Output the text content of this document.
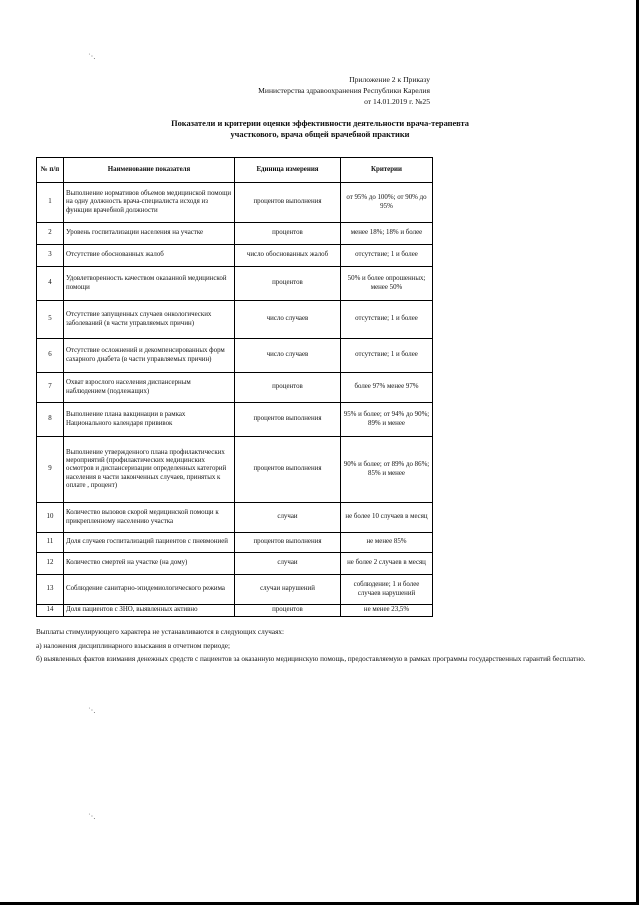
˙·.
˙·.
˙·.
Приложение 2 к Приказу
Министерства здравоохранения Республики Карелия
от 14.01.2019 г. №25
Показатели и критерии оценки эффективности деятельности врача-терапевта
участкового, врача общей врачебной практики
№ п/п	Наименование показателя	Единица измерения	Критерии
1	Выполнение нормативов объемов медицинской помощи на одну должность врача-специалиста исходя из функции врачебной должности	процентов выполнения	от 95% до 100%; от 90% до 95%
2	Уровень госпитализации населения на участке	процентов	менее 18%; 18% и более
3	Отсутствие обоснованных жалоб	число обоснованных жалоб	отсутствие; 1 и более
4	Удовлетворенность качеством оказанной медицинской помощи	процентов	50% и более опрошенных; менее 50%
5	Отсутствие запущенных случаев онкологических заболеваний (в части управляемых причин)	число случаев	отсутствие; 1 и более
6	Отсутствие осложнений и декомпенсированных форм сахарного диабета (в части управляемых причин)	число случаев	отсутствие; 1 и более
7	Охват взрослого населения диспансерным наблюдением (подлежащих)	процентов	более 97% менее 97%
8	Выполнение плана вакцинации в рамках Национального календаря прививок	процентов выполнения	95% и более; от 94% до 90%; 89% и менее
9	Выполнение утвержденного плана профилактических мероприятий (профилактических медицинских осмотров и диспансеризации определенных категорий населения в части законченных случаев, принятых к оплате , процент)	процентов выполнения	90% и более; от 89% до 86%; 85% и менее
10	Количество вызовов скорой медицинской помощи к прикрепленному населению участка	случаи	не более 10 случаев в месяц
11	Доля случаев госпитализаций пациентов с пневмонией	процентов выполнения	не менее 85%
12	Количество смертей на участке (на дому)	случаи	не более 2 случаев в месяц
13	Соблюдение санитарно-эпидемиологического режима	случаи нарушений	соблюдение; 1 и более случаев нарушений
14	Доля пациентов с ЗНО, выявленных активно	процентов	не менее 23,5%

Выплаты стимулирующего характера не устанавливаются в следующих случаях:

а) наложения дисциплинарного взыскания в отчетном периоде;

б) выявленных фактов взимания денежных средств с пациентов за оказанную медицинскую помощь, предоставляемую в рамках программы государственных гарантий бесплатно.
